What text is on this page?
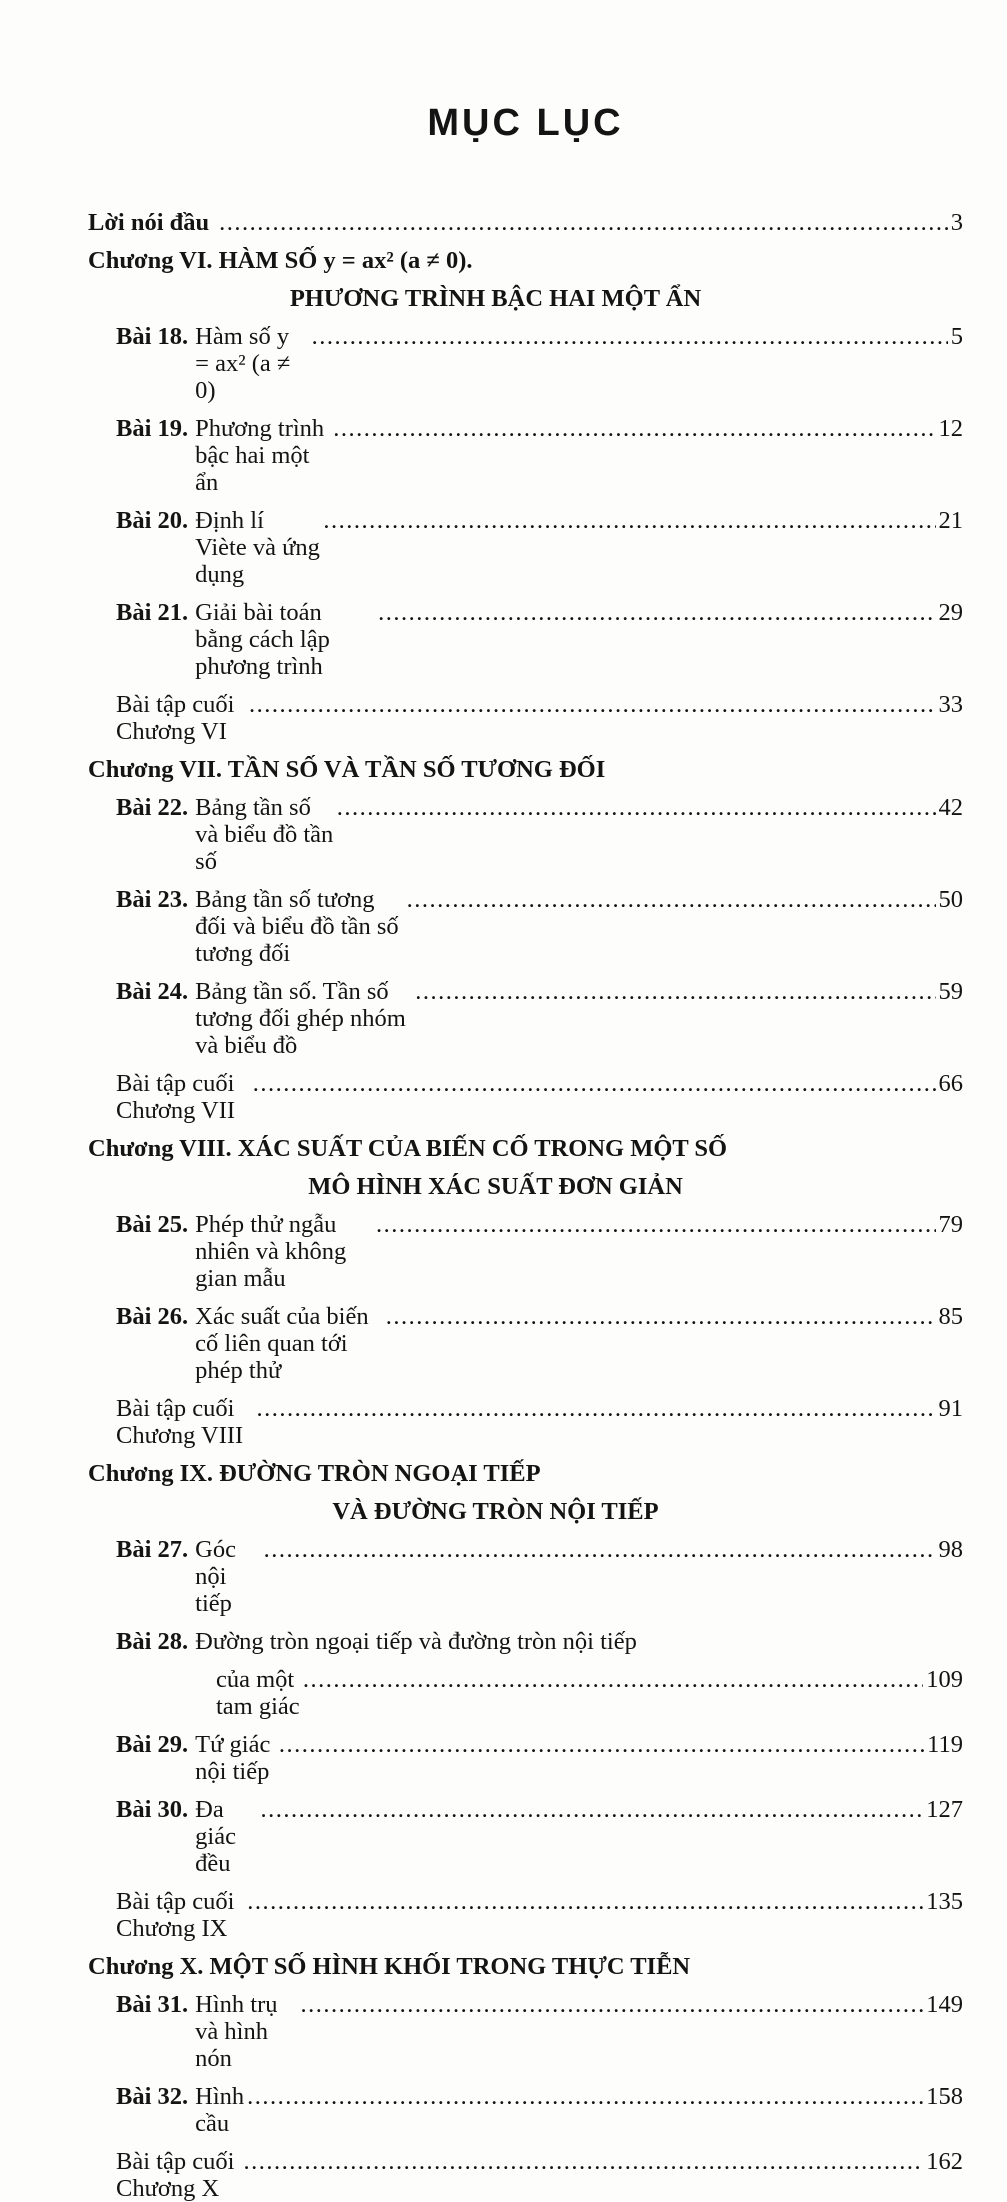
MỤC LỤC
Lời nói đầu .....	3
Chương VI. HÀM SỐ y = ax² (a ≠ 0).
PHƯƠNG TRÌNH BẬC HAI MỘT ẨN
Bài 18. Hàm số y = ax² (a ≠ 0)
.....
5
Bài 19. Phương trình bậc hai một ẩn
.....
12
Bài 20. Định lí Viète và ứng dụng
.....
21
Bài 21. Giải bài toán bằng cách lập phương trình
.....
29
Bài tập cuối Chương VI
.....
33
Chương VII. TẦN SỐ VÀ TẦN SỐ TƯƠNG ĐỐI
Bài 22. Bảng tần số và biểu đồ tần số
.....
42
Bài 23. Bảng tần số tương đối và biểu đồ tần số tương đối
.....
50
Bài 24. Bảng tần số. Tần số tương đối ghép nhóm và biểu đồ
.....
59
Bài tập cuối Chương VII
.....
66
Chương VIII. XÁC SUẤT CỦA BIẾN CỐ TRONG MỘT SỐ
MÔ HÌNH XÁC SUẤT ĐƠN GIẢN
Bài 25. Phép thử ngẫu nhiên và không gian mẫu
.....
79
Bài 26. Xác suất của biến cố liên quan tới phép thử
.....
85
Bài tập cuối Chương VIII
.....
91
Chương IX. ĐƯỜNG TRÒN NGOẠI TIẾP
VÀ ĐƯỜNG TRÒN NỘI TIẾP
Bài 27. Góc nội tiếp
.....
98
Bài 28. Đường tròn ngoại tiếp và đường tròn nội tiếp
của một tam giác
.....
109
Bài 29. Tứ giác nội tiếp
.....
119
Bài 30. Đa giác đều
.....
127
Bài tập cuối Chương IX
.....
135
Chương X. MỘT SỐ HÌNH KHỐI TRONG THỰC TIỄN
Bài 31. Hình trụ và hình nón
.....
149
Bài 32. Hình cầu
.....
158
Bài tập cuối Chương X
.....
162
